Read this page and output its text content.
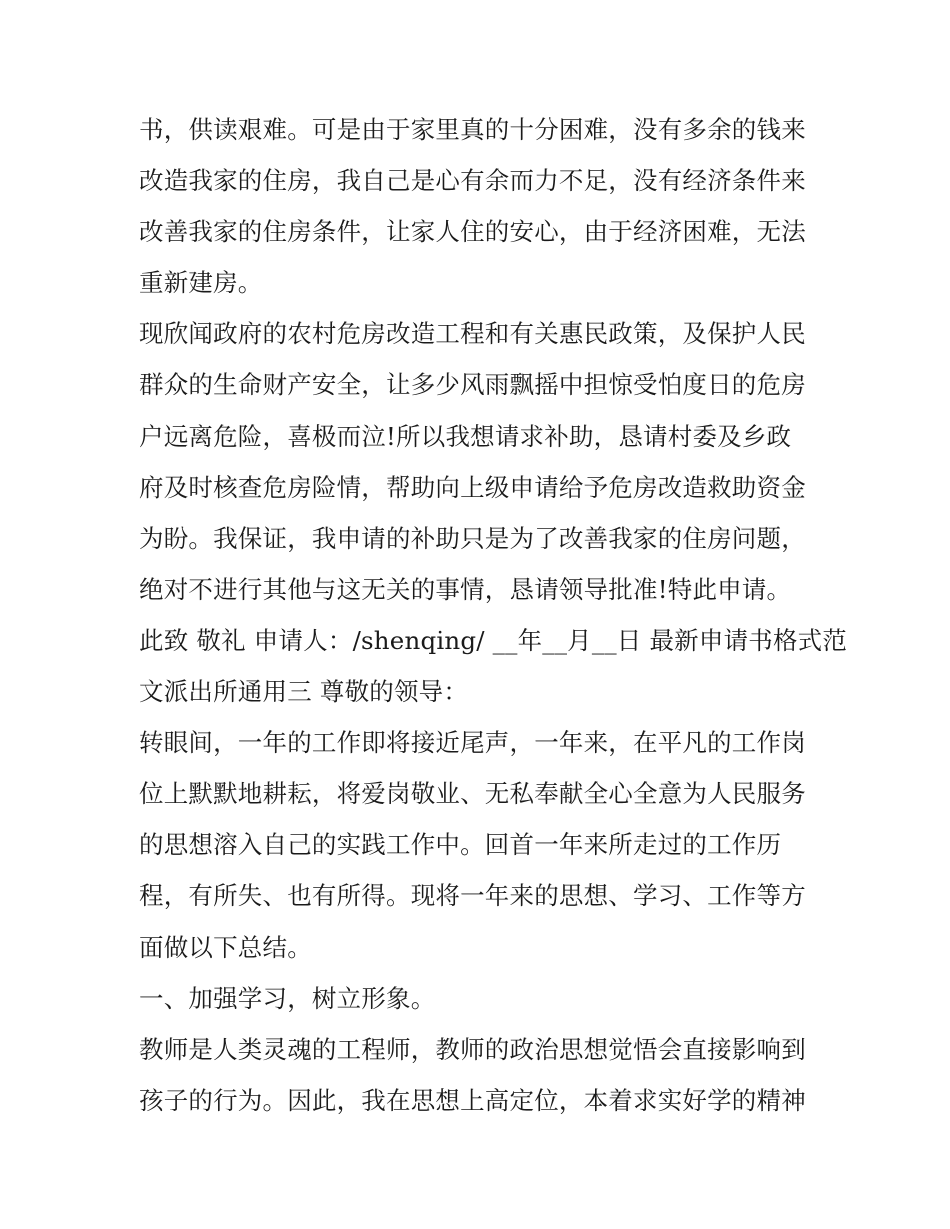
书，供读艰难。可是由于家里真的十分困难，没有多余的钱来
改造我家的住房，我自己是心有余而力不足，没有经济条件来
改善我家的住房条件，让家人住的安心，由于经济困难，无法
重新建房。
现欣闻政府的农村危房改造工程和有关惠民政策，及保护人民
群众的生命财产安全，让多少风雨飘摇中担惊受怕度日的危房
户远离危险，喜极而泣!所以我想请求补助，恳请村委及乡政
府及时核查危房险情，帮助向上级申请给予危房改造救助资金
为盼。我保证，我申请的补助只是为了改善我家的住房问题，
绝对不进行其他与这无关的事情，恳请领导批准!特此申请。
此致 敬礼 申请人：/shenqing/ __年__月__日 最新申请书格式范
文派出所通用三 尊敬的领导：
转眼间，一年的工作即将接近尾声，一年来，在平凡的工作岗
位上默默地耕耘，将爱岗敬业、无私奉献全心全意为人民服务
的思想溶入自己的实践工作中。回首一年来所走过的工作历
程，有所失、也有所得。现将一年来的思想、学习、工作等方
面做以下总结。
一、加强学习，树立形象。
教师是人类灵魂的工程师，教师的政治思想觉悟会直接影响到
孩子的行为。因此，我在思想上高定位，本着求实好学的精神
